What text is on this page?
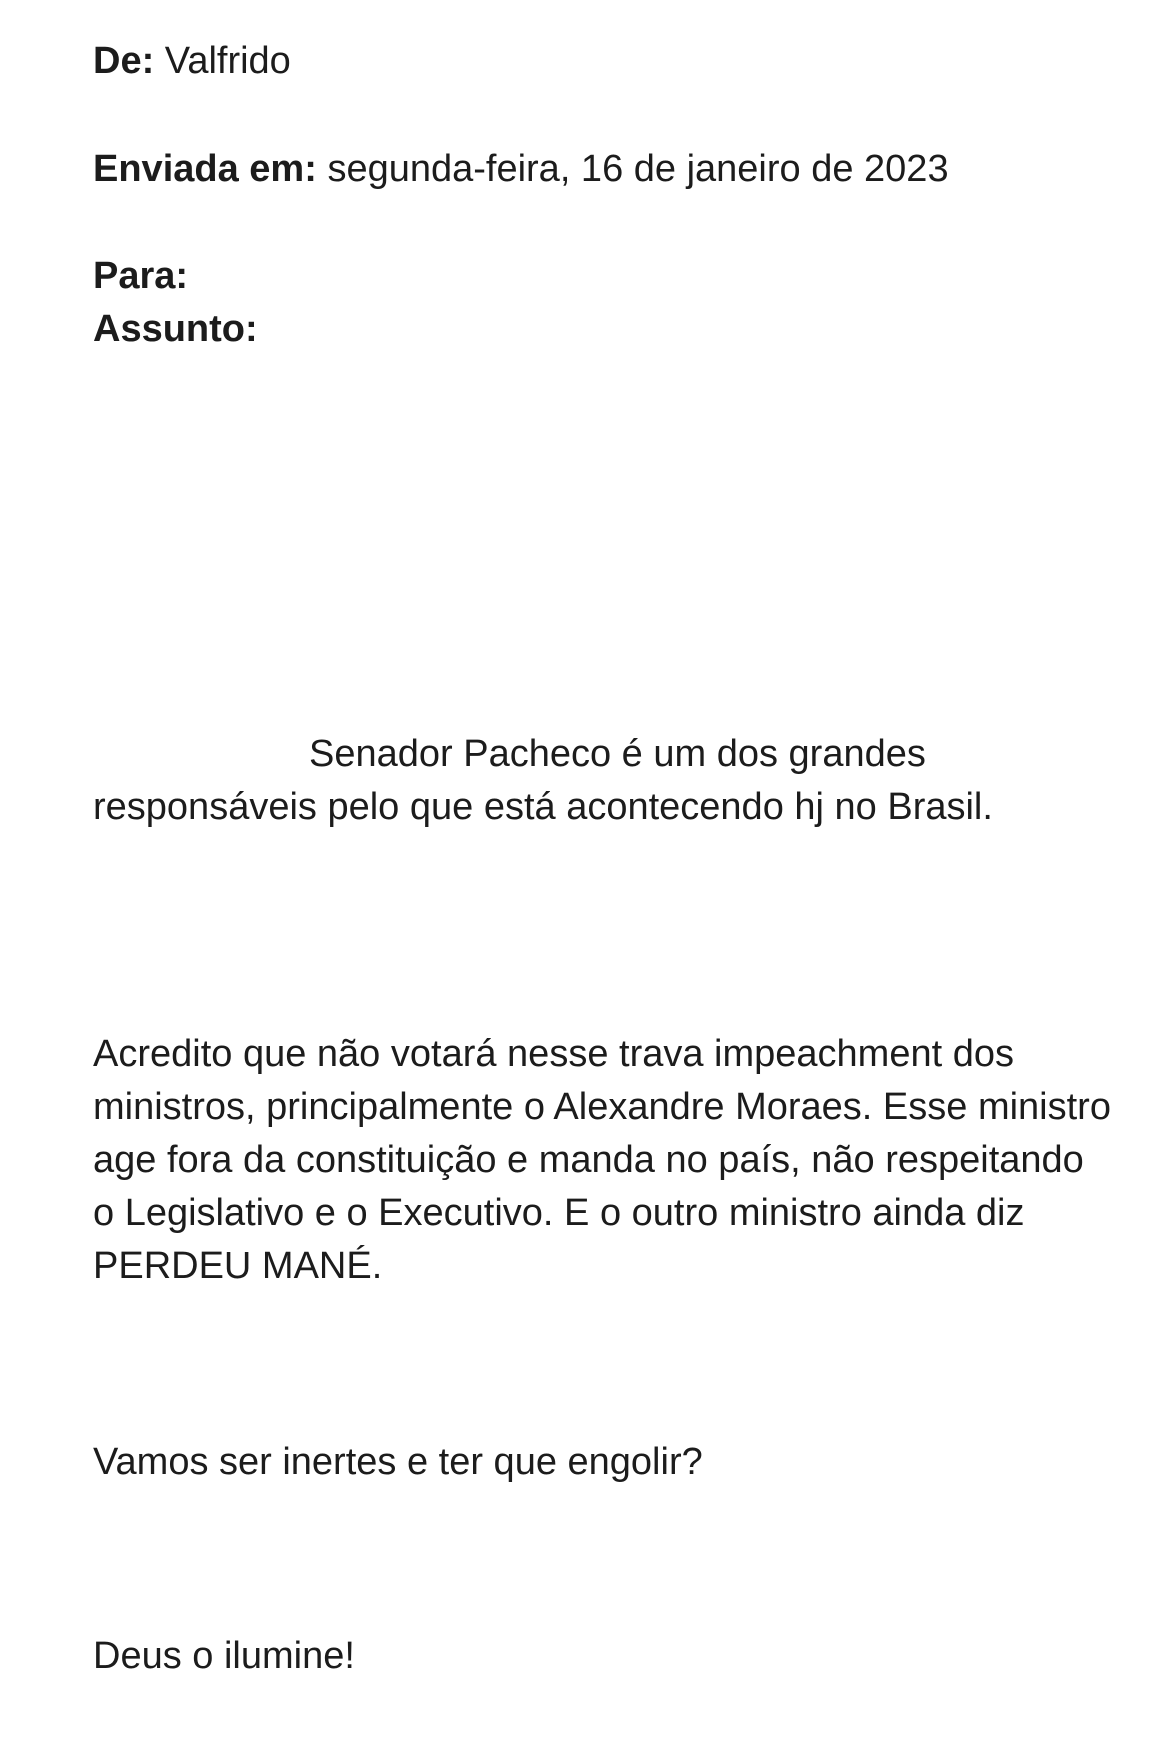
De: Valfrido
Enviada em: segunda-feira, 16 de janeiro de 2023
Para:
Assunto:

Senador Pacheco é um dos grandes responsáveis pelo que está acontecendo hj no Brasil.

Acredito que não votará nesse trava impeachment dos ministros, principalmente o Alexandre Moraes. Esse ministro age fora da constituição e manda no país, não respeitando o Legislativo e o Executivo. E o outro ministro ainda diz PERDEU MANÉ.

Vamos ser inertes e ter que engolir?

Deus o ilumine!
